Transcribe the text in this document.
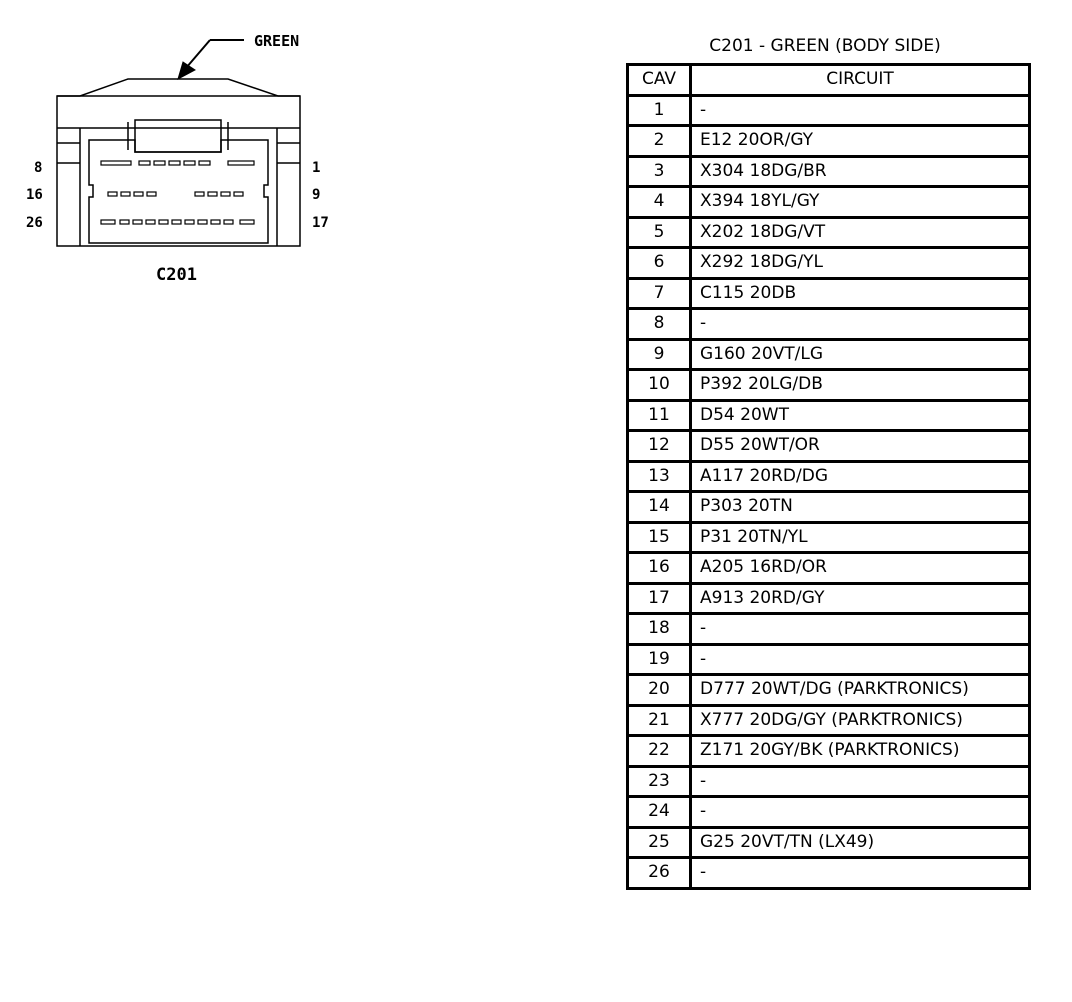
GREEN
8	1
16	9
26	17
C201
C201 - GREEN (BODY SIDE)
CAV	CIRCUIT
1	-
2	E12 20OR/GY
3	X304 18DG/BR
4	X394 18YL/GY
5	X202 18DG/VT
6	X292 18DG/YL
7	C115 20DB
8	-
9	G160 20VT/LG
10	P392 20LG/DB
11	D54 20WT
12	D55 20WT/OR
13	A117 20RD/DG
14	P303 20TN
15	P31 20TN/YL
16	A205 16RD/OR
17	A913 20RD/GY
18	-
19	-
20	D777 20WT/DG (PARKTRONICS)
21	X777 20DG/GY (PARKTRONICS)
22	Z171 20GY/BK (PARKTRONICS)
23	-
24	-
25	G25 20VT/TN (LX49)
26	-
